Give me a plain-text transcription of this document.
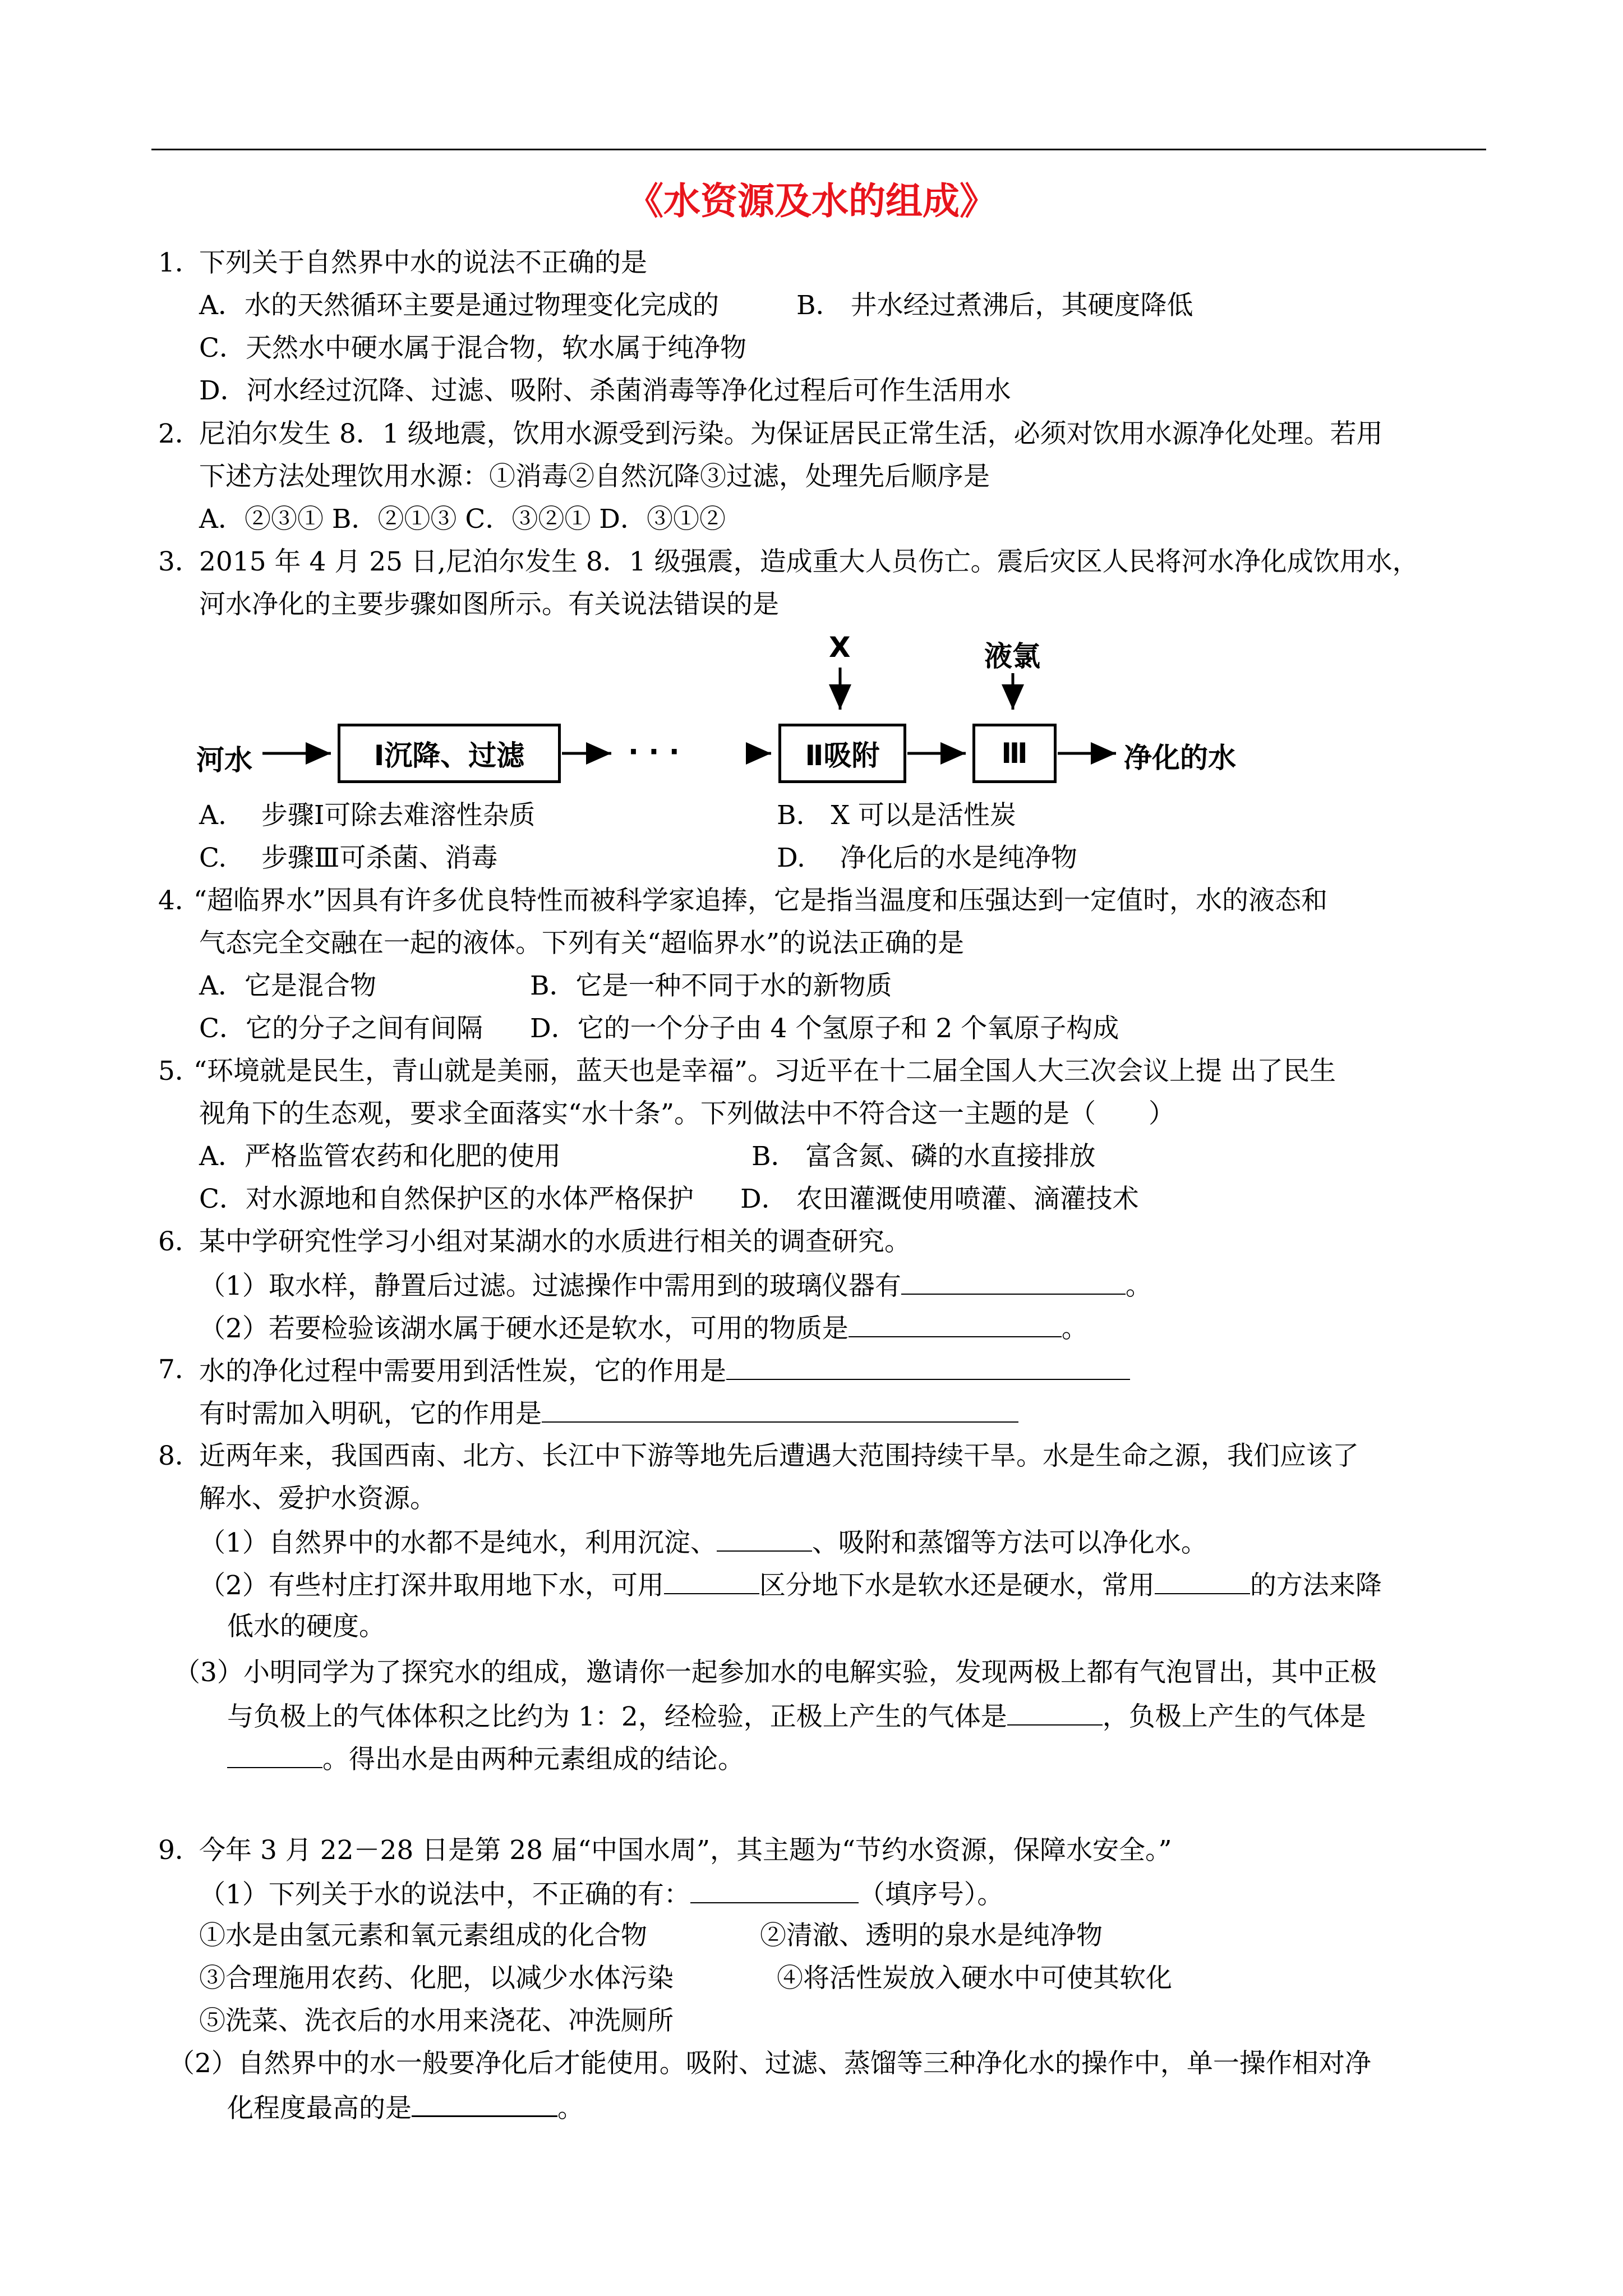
《水资源及水的组成》
1．
下列关于自然界中水的说法不正确的是
A．水的天然循环主要是通过物理变化完成的	B． 井水经过煮沸后，其硬度降低
C．天然水中硬水属于混合物，软水属于纯净物
D．河水经过沉降、过滤、吸附、杀菌消毒等净化过程后可作生活用水
2．
尼泊尔发生 8．1 级地震，饮用水源受到污染。为保证居民正常生活，必须对饮用水源净化处理。若用
下述方法处理饮用水源：①消毒②自然沉降③过滤，处理先后顺序是
A．②③① B．②①③ C．③②① D．③①②
3．
2015 年 4 月 25 日,尼泊尔发生 8．1 级强震，造成重大人员伤亡。震后灾区人民将河水净化成饮用水，
河水净化的主要步骤如图所示。有关说法错误的是
河水	Ⅰ沉降、过滤	· · ·	Ⅱ吸附	Ⅲ	净化的水
X	液氯
A.　 步骤Ⅰ可除去难溶性杂质	B.　X 可以是活性炭
C.　 步骤Ⅲ可杀菌、消毒	D.　 净化后的水是纯净物
4．
“超临界水”因具有许多优良特性而被科学家追捧，它是指当温度和压强达到一定值时，水的液态和
气态完全交融在一起的液体。下列有关“超临界水”的说法正确的是
A．它是混合物	B．它是一种不同于水的新物质
C．它的分子之间有间隔 D．它的一个分子由 4 个氢原子和 2 个氧原子构成
5．
“环境就是民生，青山就是美丽，蓝天也是幸福”。习近平在十二届全国人大三次会议上提 出了民生
视角下的生态观，要求全面落实“水十条”。下列做法中不符合这一主题的是（　　）
A．严格监管农药和化肥的使用	B． 富含氮、磷的水直接排放
C．对水源地和自然保护区的水体严格保护 D． 农田灌溉使用喷灌、滴灌技术
6．
某中学研究性学习小组对某湖水的水质进行相关的调查研究。
（1）取水样，静置后过滤。过滤操作中需用到的玻璃仪器有	。
（2）若要检验该湖水属于硬水还是软水，可用的物质是	。
7．
水的净化过程中需要用到活性炭，它的作用是
有时需加入明矾，它的作用是
8．
近两年来，我国西南、北方、长江中下游等地先后遭遇大范围持续干旱。水是生命之源，我们应该了
解水、爱护水资源。
（1）自然界中的水都不是纯水，利用沉淀、	、吸附和蒸馏等方法可以净化水。
（2）有些村庄打深井取用地下水，可用	区分地下水是软水还是硬水，常用	的方法来降
低水的硬度。
（3）小明同学为了探究水的组成，邀请你一起参加水的电解实验，发现两极上都有气泡冒出，其中正极
与负极上的气体体积之比约为 1：2，经检验，正极上产生的气体是	，负极上产生的气体是
。得出水是由两种元素组成的结论。
9．
今年 3 月 22－28 日是第 28 届“中国水周”，其主题为“节约水资源，保障水安全。”
（1）下列关于水的说法中，不正确的有：	（填序号）。
①水是由氢元素和氧元素组成的化合物	②清澈、透明的泉水是纯净物
③合理施用农药、化肥，以减少水体污染	④将活性炭放入硬水中可使其软化
⑤洗菜、洗衣后的水用来浇花、冲洗厕所
（2）自然界中的水一般要净化后才能使用。吸附、过滤、蒸馏等三种净化水的操作中，单一操作相对净
化程度最高的是	。
